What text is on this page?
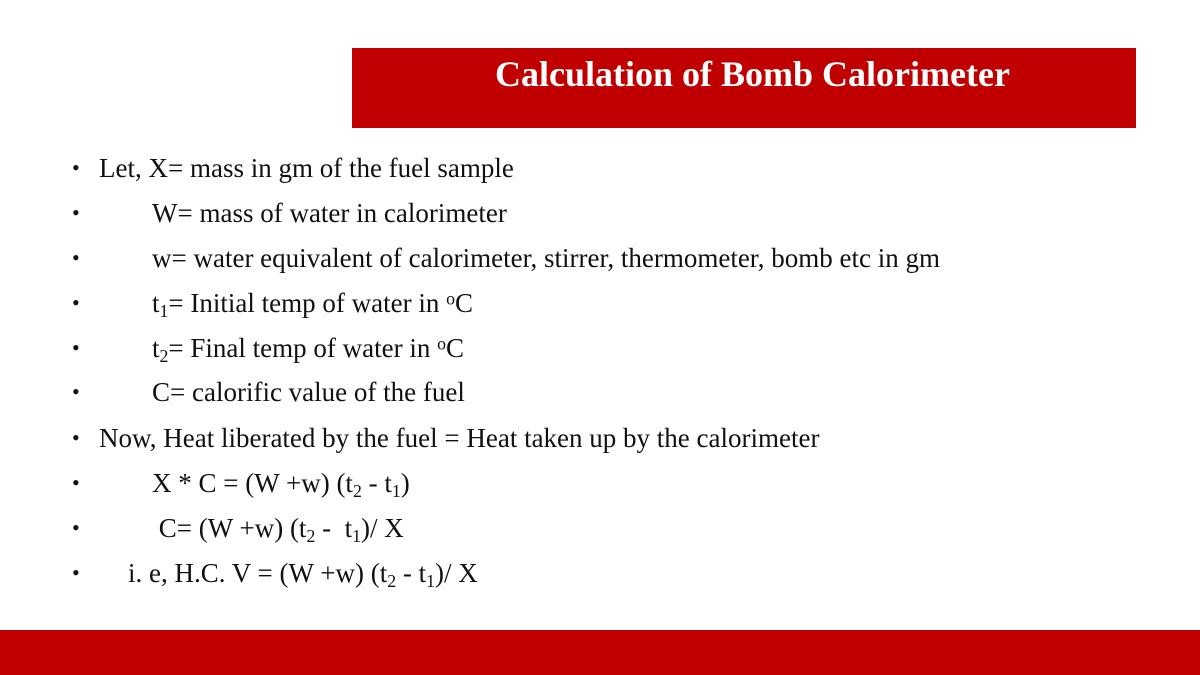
Calculation of Bomb Calorimeter
• Let, X= mass in gm of the fuel sample
•	W= mass of water in calorimeter
•	w= water equivalent of calorimeter, stirrer, thermometer, bomb etc in gm
•	$t_1=$ Initial temp of water in $^o$C
•	$t_2=$ Final temp of water in $^o$C
•	C= calorific value of the fuel
• Now, Heat liberated by the fuel = Heat taken up by the calorimeter
•	X * C = (W +w) $(t_2 - t_1)$
•	C= (W +w) $(t_2 - t_1)/$ X
• i. e, H.C. V = (W +w) $(t_2 - t_1)/$ X
